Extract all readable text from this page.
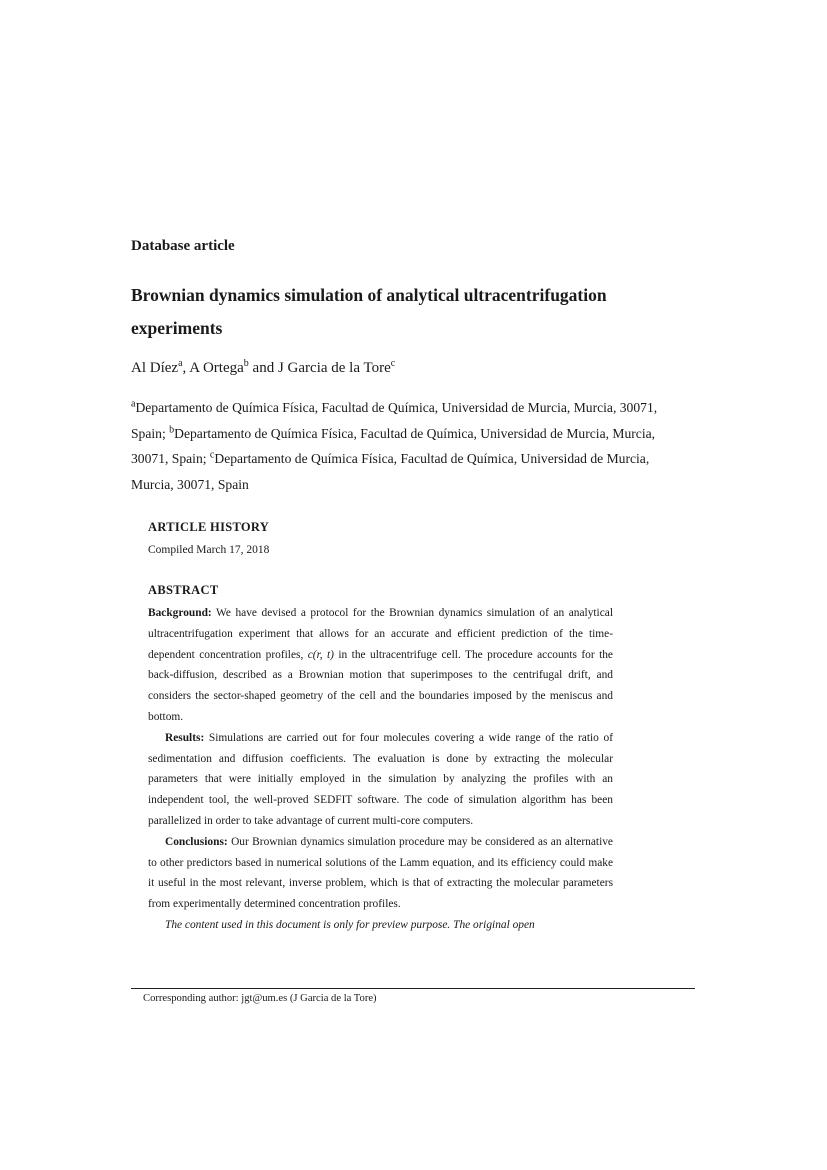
Database article
Brownian dynamics simulation of analytical ultracentrifugation experiments
Al Díez$^a$, A Ortega$^b$ and J Garcia de la Tore$^c$
$^a$Departamento de Química Física, Facultad de Química, Universidad de Murcia, Murcia, 30071, Spain; $^b$Departamento de Química Física, Facultad de Química, Universidad de Murcia, Murcia, 30071, Spain; $^c$Departamento de Química Física, Facultad de Química, Universidad de Murcia, Murcia, 30071, Spain
ARTICLE HISTORY
Compiled March 17, 2018
ABSTRACT

Background: We have devised a protocol for the Brownian dynamics simulation of an analytical ultracentrifugation experiment that allows for an accurate and efficient prediction of the time-dependent concentration profiles, c(r, t) in the ultracentrifuge cell. The procedure accounts for the back-diffusion, described as a Brownian motion that superimposes to the centrifugal drift, and considers the sector-shaped geometry of the cell and the boundaries imposed by the meniscus and bottom.

Results: Simulations are carried out for four molecules covering a wide range of the ratio of sedimentation and diffusion coefficients. The evaluation is done by extracting the molecular parameters that were initially employed in the simulation by analyzing the profiles with an independent tool, the well-proved SEDFIT software. The code of simulation algorithm has been parallelized in order to take advantage of current multi-core computers.

Conclusions: Our Brownian dynamics simulation procedure may be considered as an alternative to other predictors based in numerical solutions of the Lamm equation, and its efficiency could make it useful in the most relevant, inverse problem, which is that of extracting the molecular parameters from experimentally determined concentration profiles.

The content used in this document is only for preview purpose. The original open

Corresponding author: jgt@um.es (J Garcia de la Tore)
